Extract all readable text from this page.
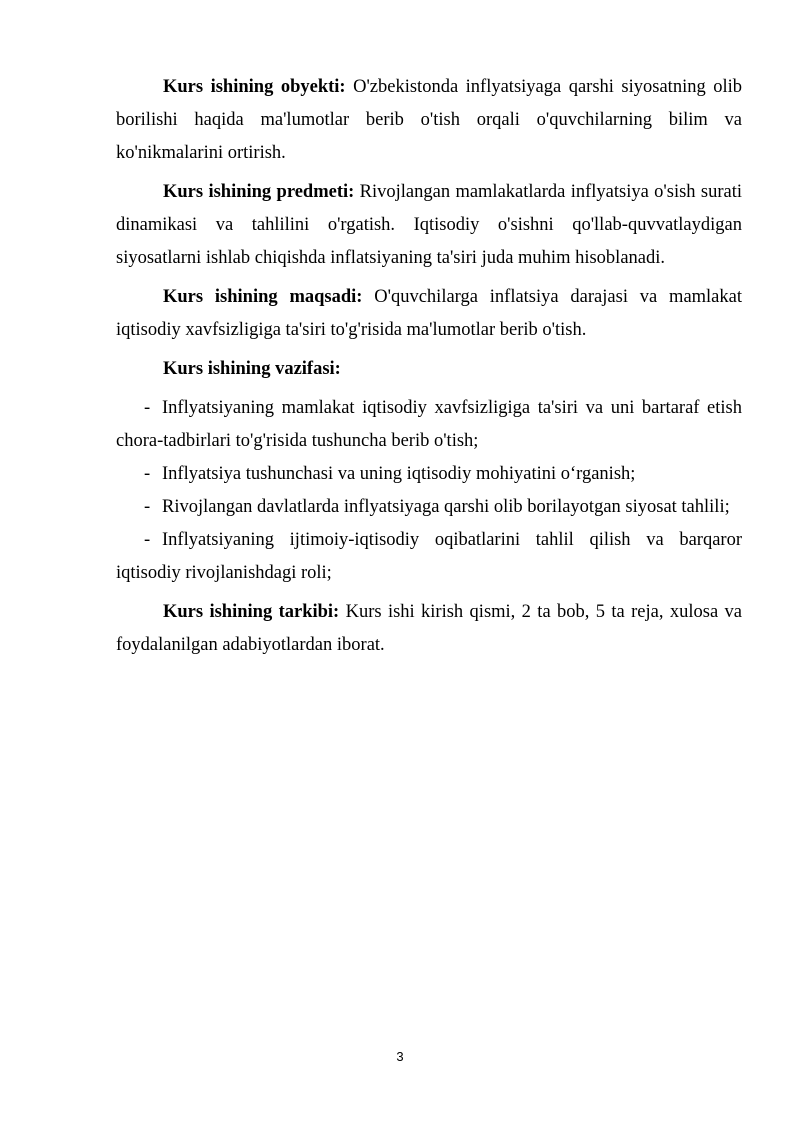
Kurs ishining obyekti: O'zbekistonda inflyatsiyaga qarshi siyosatning olib borilishi haqida ma'lumotlar berib o'tish orqali o'quvchilarning bilim va ko'nikmalarini ortirish.

Kurs ishining predmeti: Rivojlangan mamlakatlarda inflyatsiya o'sish surati dinamikasi va tahlilini o'rgatish. Iqtisodiy o'sishni qo'llab-quvvatlaydigan siyosatlarni ishlab chiqishda inflatsiyaning ta'siri juda muhim hisoblanadi.

Kurs ishining maqsadi: O'quvchilarga inflatsiya darajasi va mamlakat iqtisodiy xavfsizligiga ta'siri to'g'risida ma'lumotlar berib o'tish.

Kurs ishining vazifasi:

- Inflyatsiyaning mamlakat iqtisodiy xavfsizligiga ta'siri va uni bartaraf etish chora-tadbirlari to'g'risida tushuncha berib o'tish;
- Inflyatsiya tushunchasi va uning iqtisodiy mohiyatini o‘rganish;
- Rivojlangan davlatlarda inflyatsiyaga qarshi olib borilayotgan siyosat tahlili;
- Inflyatsiyaning ijtimoiy-iqtisodiy oqibatlarini tahlil qilish va barqaror iqtisodiy rivojlanishdagi roli;

Kurs ishining tarkibi: Kurs ishi kirish qismi, 2 ta bob, 5 ta reja, xulosa va foydalanilgan adabiyotlardan iborat.

3
